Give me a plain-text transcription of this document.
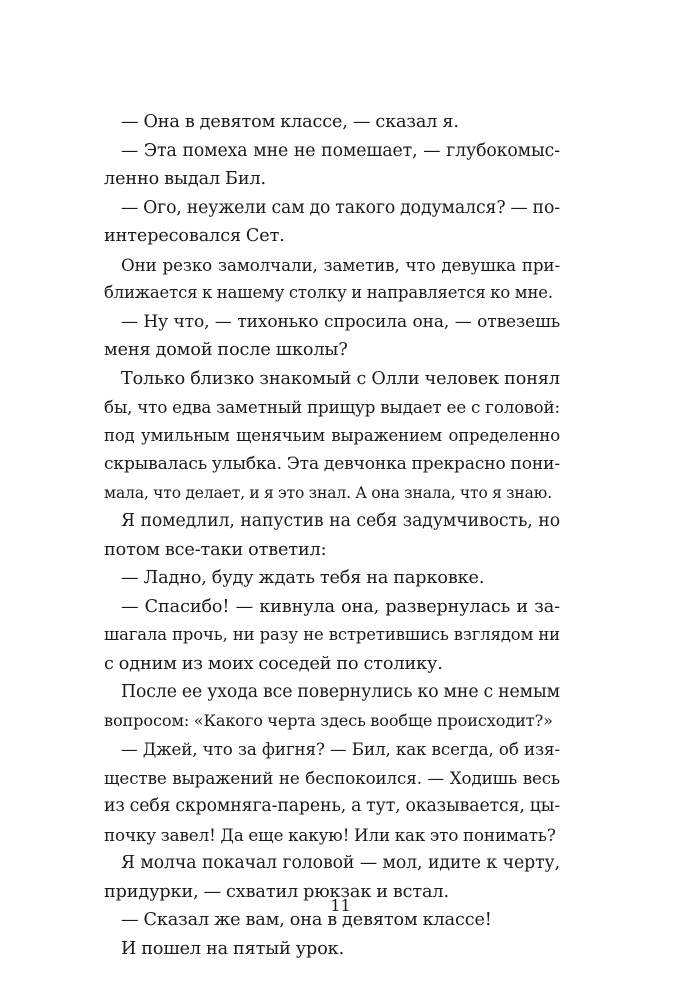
— Она в девятом классе, — сказал я.
— Эта помеха мне не помешает, — глубокомыс-
ленно выдал Бил.
— Ого, неужели сам до такого додумался? — по-
интересовался Сет.
Они резко замолчали, заметив, что девушка при-
ближается к нашему столку и направляется ко мне.
— Ну что, — тихонько спросила она, — отвезешь
меня домой после школы?
Только близко знакомый с Олли человек понял
бы, что едва заметный прищур выдает ее с головой:
под умильным щенячьим выражением определенно
скрывалась улыбка. Эта девчонка прекрасно пони-
мала, что делает, и я это знал. А она знала, что я знаю.
Я помедлил, напустив на себя задумчивость, но
потом все-таки ответил:
— Ладно, буду ждать тебя на парковке.
— Спасибо! — кивнула она, развернулась и за-
шагала прочь, ни разу не встретившись взглядом ни
с одним из моих соседей по столику.
После ее ухода все повернулись ко мне с немым
вопросом: «Какого черта здесь вообще происходит?»
— Джей, что за фигня? — Бил, как всегда, об изя-
ществе выражений не беспокоился. — Ходишь весь
из себя скромняга-парень, а тут, оказывается, цы-
почку завел! Да еще какую! Или как это понимать?
Я молча покачал головой — мол, идите к черту,
придурки, — схватил рюкзак и встал.
— Сказал же вам, она в девятом классе!
И пошел на пятый урок.
11
